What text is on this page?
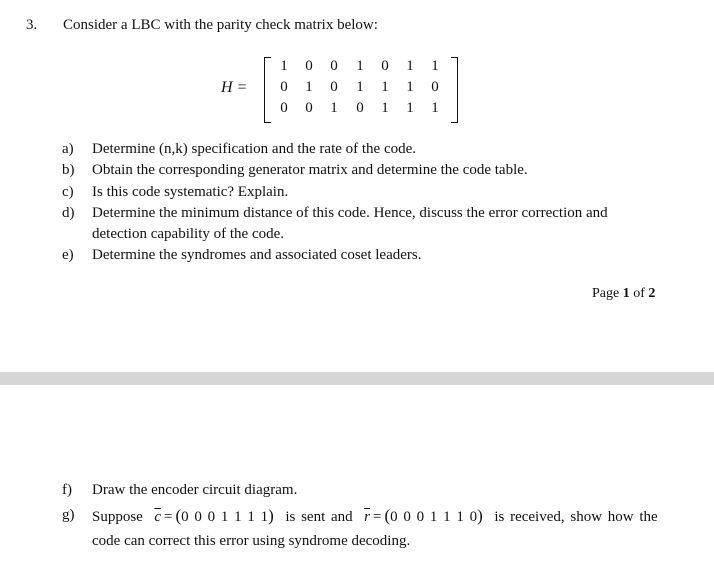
3. Consider a LBC with the parity check matrix below:
H =
1 0 0 1 0 1 1
0 1 0 1 1 1 0
0 0 1 0 1 1 1
a) Determine (n,k) specification and the rate of the code.
b) Obtain the corresponding generator matrix and determine the code table.
c) Is this code systematic? Explain.
d) Determine the minimum distance of this code. Hence, discuss the error correction and
detection capability of the code.
e) Determine the syndromes and associated coset leaders.
Page 1 of 2
f) Draw the encoder circuit diagram.
g) Suppose $\overline{c} = (0$ 0 0 1 1 1 1) is sent and $\overline{r} = (0$ 0 0 1 1 1 0) is received, show how the
code can correct this error using syndrome decoding.
